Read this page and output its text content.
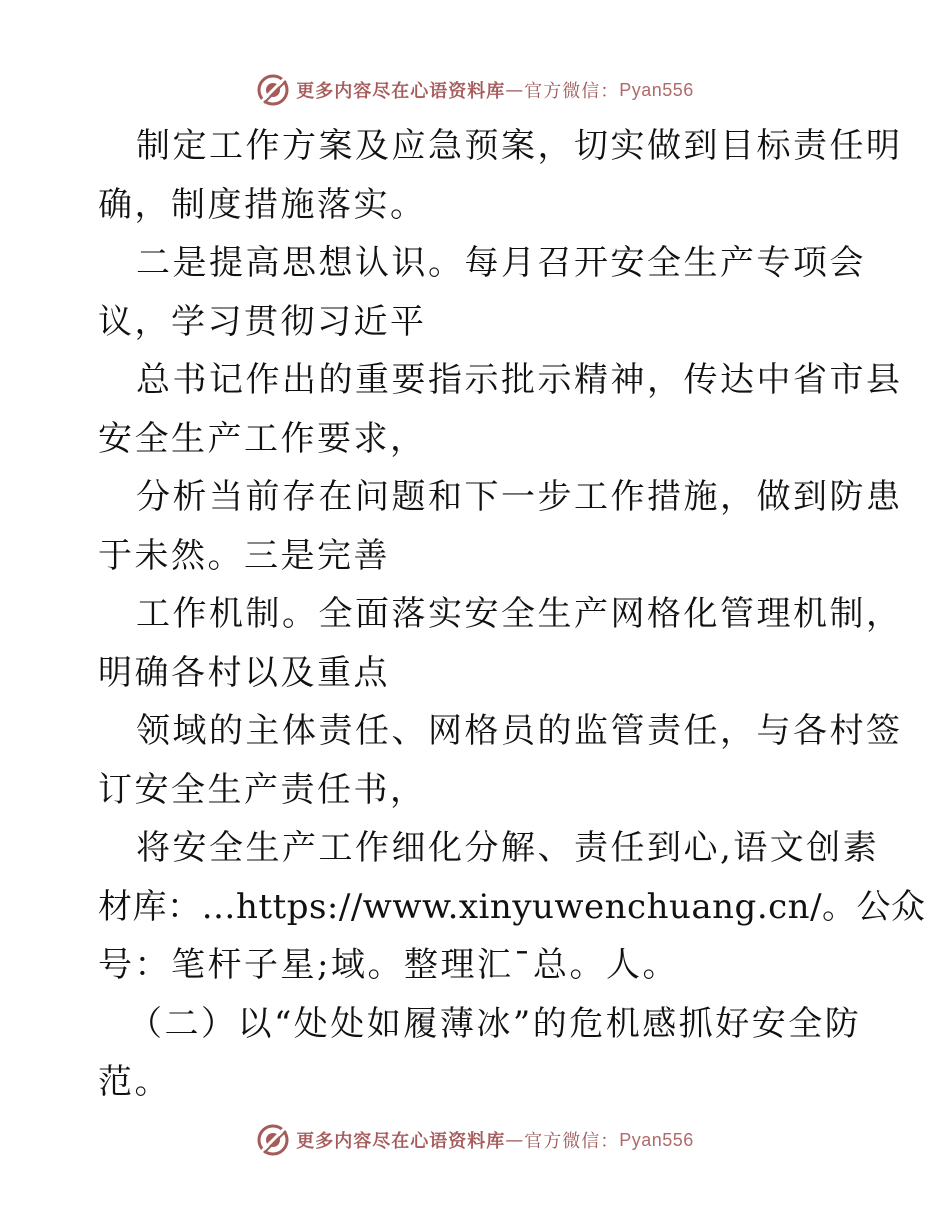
更多内容尽在心语资料库 — 官方微信： Pyan556
制定工作方案及应急预案，切实做到目标责任明
确，制度措施落实。
二是提高思想认识。每月召开安全生产专项会
议，学习贯彻习近平
总书记作出的重要指示批示精神，传达中省市县
安全生产工作要求，
分析当前存在问题和下一步工作措施，做到防患
于未然。三是完善
工作机制。全面落实安全生产网格化管理机制，
明确各村以及重点
领域的主体责任、网格员的监管责任，与各村签
订安全生产责任书，
将安全生产工作细化分解、责任到心,语文创素
材库：…https://www.xinyuwenchuang.cn/。公众
号：笔杆子星;域。整理汇¯总。人。
（二）以“处处如履薄冰”的危机感抓好安全防
范。
更多内容尽在心语资料库 — 官方微信： Pyan556
